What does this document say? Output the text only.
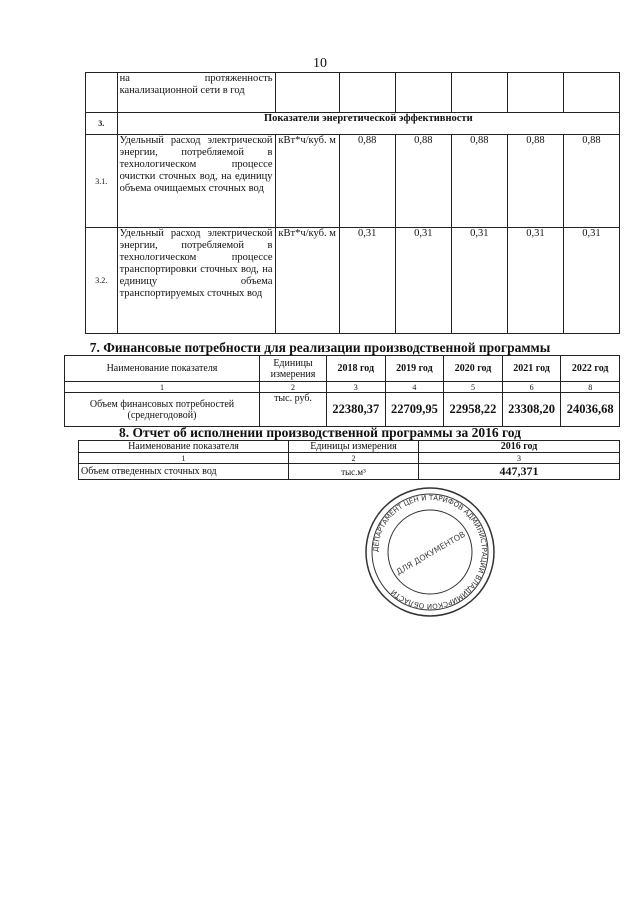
10
	на протяженность канализационной сети в год						
3.	Показатели энергетической эффективности						
3.1.	Удельный расход электрической энергии, потребляемой в технологическом процессе очистки сточных вод, на единицу объема очищаемых сточных вод	кВт*ч/куб. м	0,88	0,88	0,88	0,88	0,88
3.2.	Удельный расход электрической энергии, потребляемой в технологическом процессе транспортировки сточных вод, на единицу объема транспортируемых сточных вод	кВт*ч/куб. м	0,31	0,31	0,31	0,31	0,31
7. Финансовые потребности для реализации производственной программы
Наименование показателя	Единицы измерения	2018 год	2019 год	2020 год	2021 год	2022 год
1	2	3	4	5	6	8
Объем финансовых потребностей (среднегодовой)	тыс. руб.	22380,37	22709,95	22958,22	23308,20	24036,68
8. Отчет об исполнении производственной программы за 2016 год
Наименование показателя	Единицы измерения	2016 год
1	2	3
Объем отведенных сточных вод	тыс.м³	447,371
ДЕПАРТАМЕНТ ЦЕН И ТАРИФОВ АДМИНИСТРАЦИИ ВЛАДИМИРСКОЙ ОБЛАСТИ
ДЛЯ ДОКУМЕНТОВ
